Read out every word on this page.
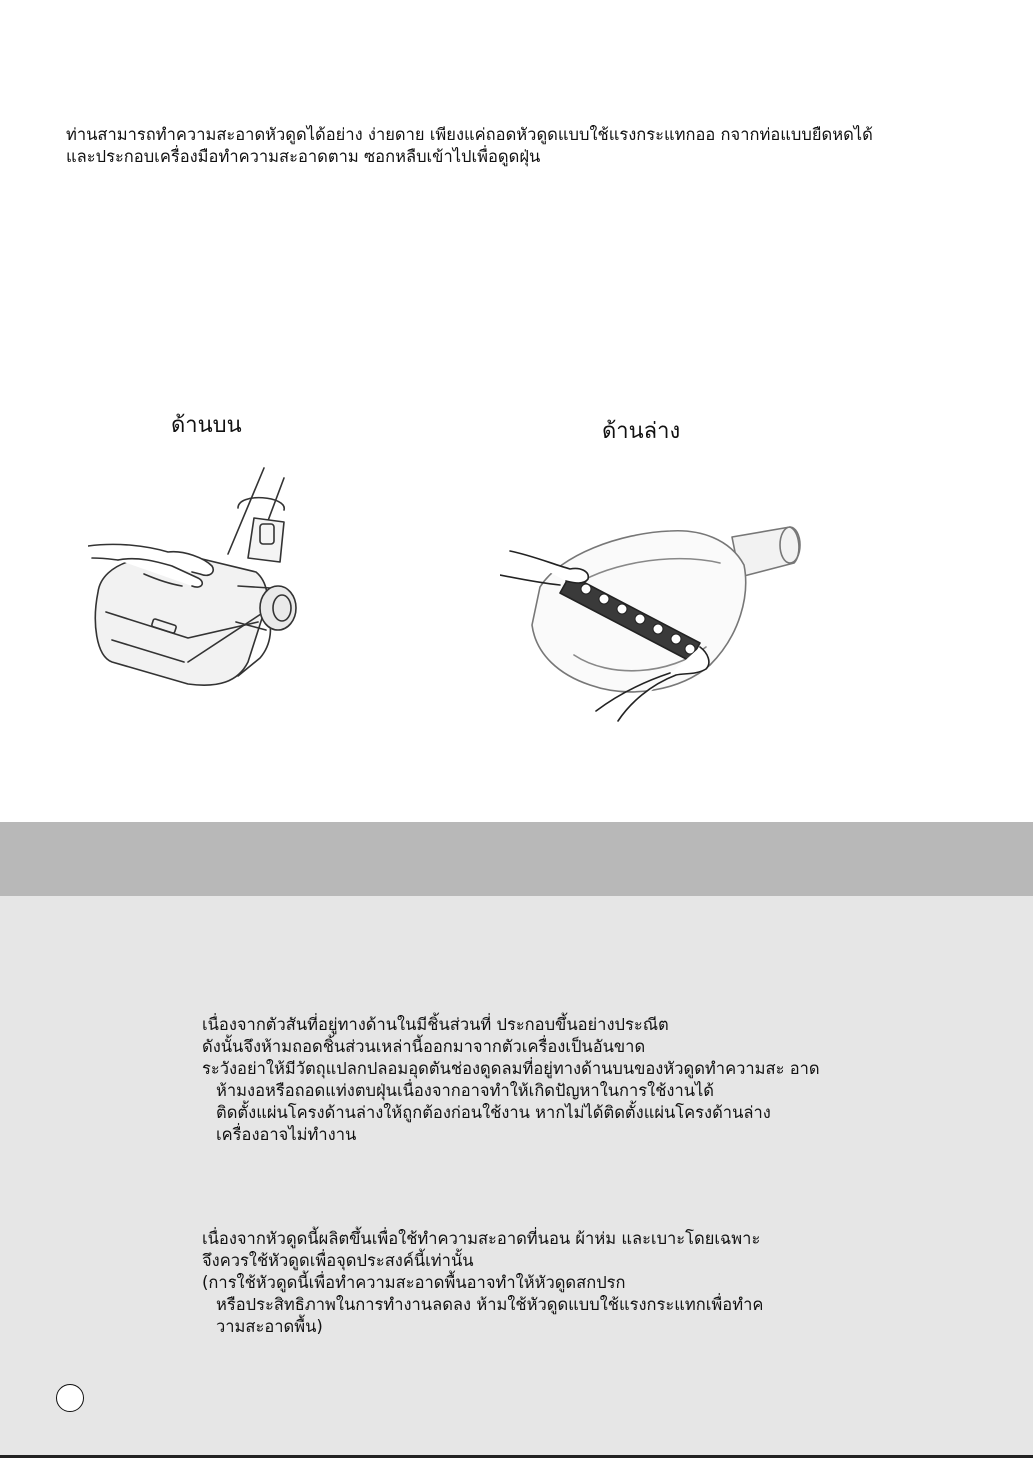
ท่านสามารถทำความสะอาดหัวดูดได้อย่าง ง่ายดาย เพียงแค่ถอดหัวดูดแบบใช้แรงกระแทกออ กจากท่อแบบยืดหดได้
และประกอบเครื่องมือทำความสะอาดตาม ซอกหลืบเข้าไปเพื่อดูดฝุ่น
ด้านบน	ด้านล่าง
เนื่องจากตัวสันที่อยู่ทางด้านในมีชิ้นส่วนที่ ประกอบขึ้นอย่างประณีต
ดังนั้นจึงห้ามถอดชิ้นส่วนเหล่านี้ออกมาจากตัวเครื่องเป็นอันขาด
ระวังอย่าให้มีวัตถุแปลกปลอมอุดตันช่องดูดลมที่อยู่ทางด้านบนของหัวดูดทำความสะ อาด
ห้ามงอหรือถอดแท่งตบฝุ่นเนื่องจากอาจทำให้เกิดปัญหาในการใช้งานได้
ติดตั้งแผ่นโครงด้านล่างให้ถูกต้องก่อนใช้งาน หากไม่ได้ติดตั้งแผ่นโครงด้านล่าง
เครื่องอาจไม่ทำงาน
เนื่องจากหัวดูดนี้ผลิตขึ้นเพื่อใช้ทำความสะอาดที่นอน ผ้าห่ม และเบาะโดยเฉพาะ
จึงควรใช้หัวดูดเพื่อจุดประสงค์นี้เท่านั้น
(การใช้หัวดูดนี้เพื่อทำความสะอาดพื้นอาจทำให้หัวดูดสกปรก
หรือประสิทธิภาพในการทำงานลดลง ห้ามใช้หัวดูดแบบใช้แรงกระแทกเพื่อทำค
วามสะอาดพื้น)
